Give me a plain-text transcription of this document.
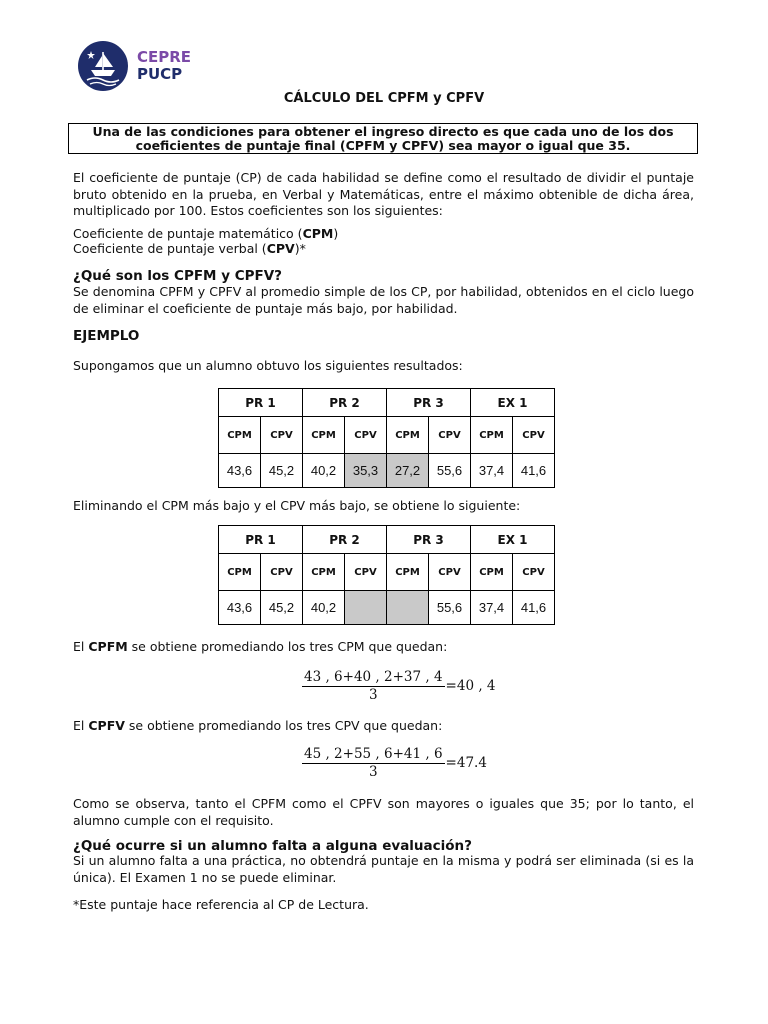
CEPRE
PUCP
CÁLCULO DEL CPFM y CPFV
Una de las condiciones para obtener el ingreso directo es que cada uno de los dos coeficientes de puntaje final (CPFM y CPFV) sea mayor o igual que 35.
El coeficiente de puntaje (CP) de cada habilidad se define como el resultado de dividir el puntaje bruto obtenido en la prueba, en Verbal y Matemáticas, entre el máximo obtenible de dicha área, multiplicado por 100. Estos coeficientes son los siguientes:
Coeficiente de puntaje matemático (CPM)
Coeficiente de puntaje verbal (CPV)*
¿Qué son los CPFM y CPFV?
Se denomina CPFM y CPFV al promedio simple de los CP, por habilidad, obtenidos en el ciclo luego de eliminar el coeficiente de puntaje más bajo, por habilidad.
EJEMPLO
Supongamos que un alumno obtuvo los siguientes resultados:
PR 1		PR 2		PR 3		EX 1	
CPM	CPV	CPM	CPV	CPM	CPV	CPM	CPV
43,6	45,2	40,2	35,3	27,2	55,6	37,4	41,6
Eliminando el CPM más bajo y el CPV más bajo, se obtiene lo siguiente:
PR 1		PR 2		PR 3		EX 1	
CPM	CPV	CPM	CPV	CPM	CPV	CPM	CPV
43,6	45,2	40,2			55,6	37,4	41,6
El CPFM se obtiene promediando los tres CPM que quedan:
$\frac{43 , 6+40 , 2+37 , 4}{3} =40$ , 4
El CPFV se obtiene promediando los tres CPV que quedan:
$\frac{45 , 2+55 , 6+41 , 6}{3} =47.4$
Como se observa, tanto el CPFM como el CPFV son mayores o iguales que 35; por lo tanto, el alumno cumple con el requisito.
¿Qué ocurre si un alumno falta a alguna evaluación?
Si un alumno falta a una práctica, no obtendrá puntaje en la misma y podrá ser eliminada (si es la única). El Examen 1 no se puede eliminar.
*Este puntaje hace referencia al CP de Lectura.
